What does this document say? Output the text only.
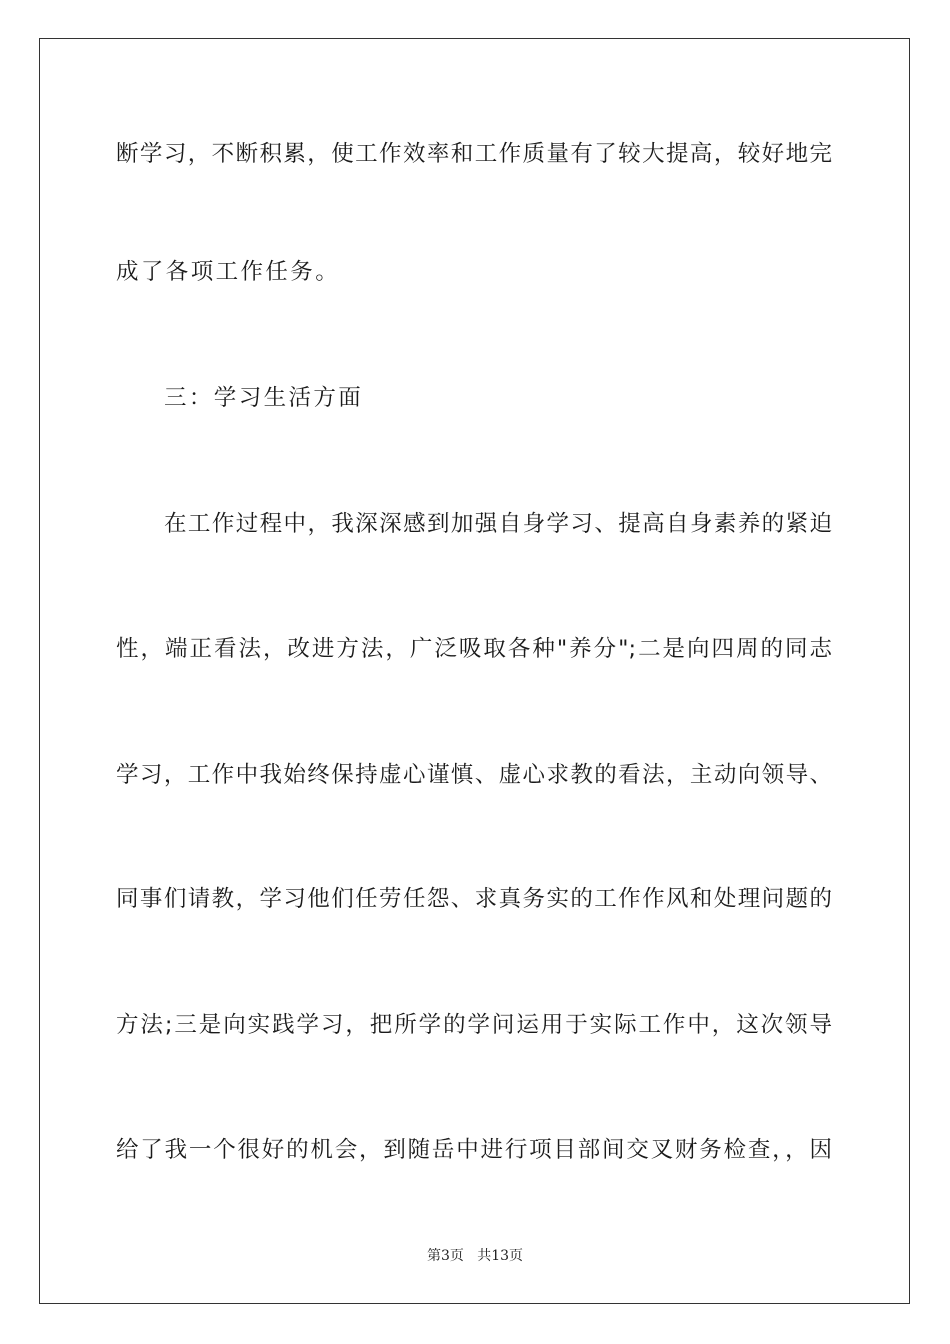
断学习，不断积累，使工作效率和工作质量有了较大提高，较好地完
成了各项工作任务。
三：学习生活方面
在工作过程中，我深深感到加强自身学习、提高自身素养的紧迫
性，端正看法，改进方法，广泛吸取各种"养分";二是向四周的同志
学习，工作中我始终保持虚心谨慎、虚心求教的看法，主动向领导、
同事们请教，学习他们任劳任怨、求真务实的工作作风和处理问题的
方法;三是向实践学习，把所学的学问运用于实际工作中，这次领导
给了我一个很好的机会，到随岳中进行项目部间交叉财务检查，，因
第3页   共13页
